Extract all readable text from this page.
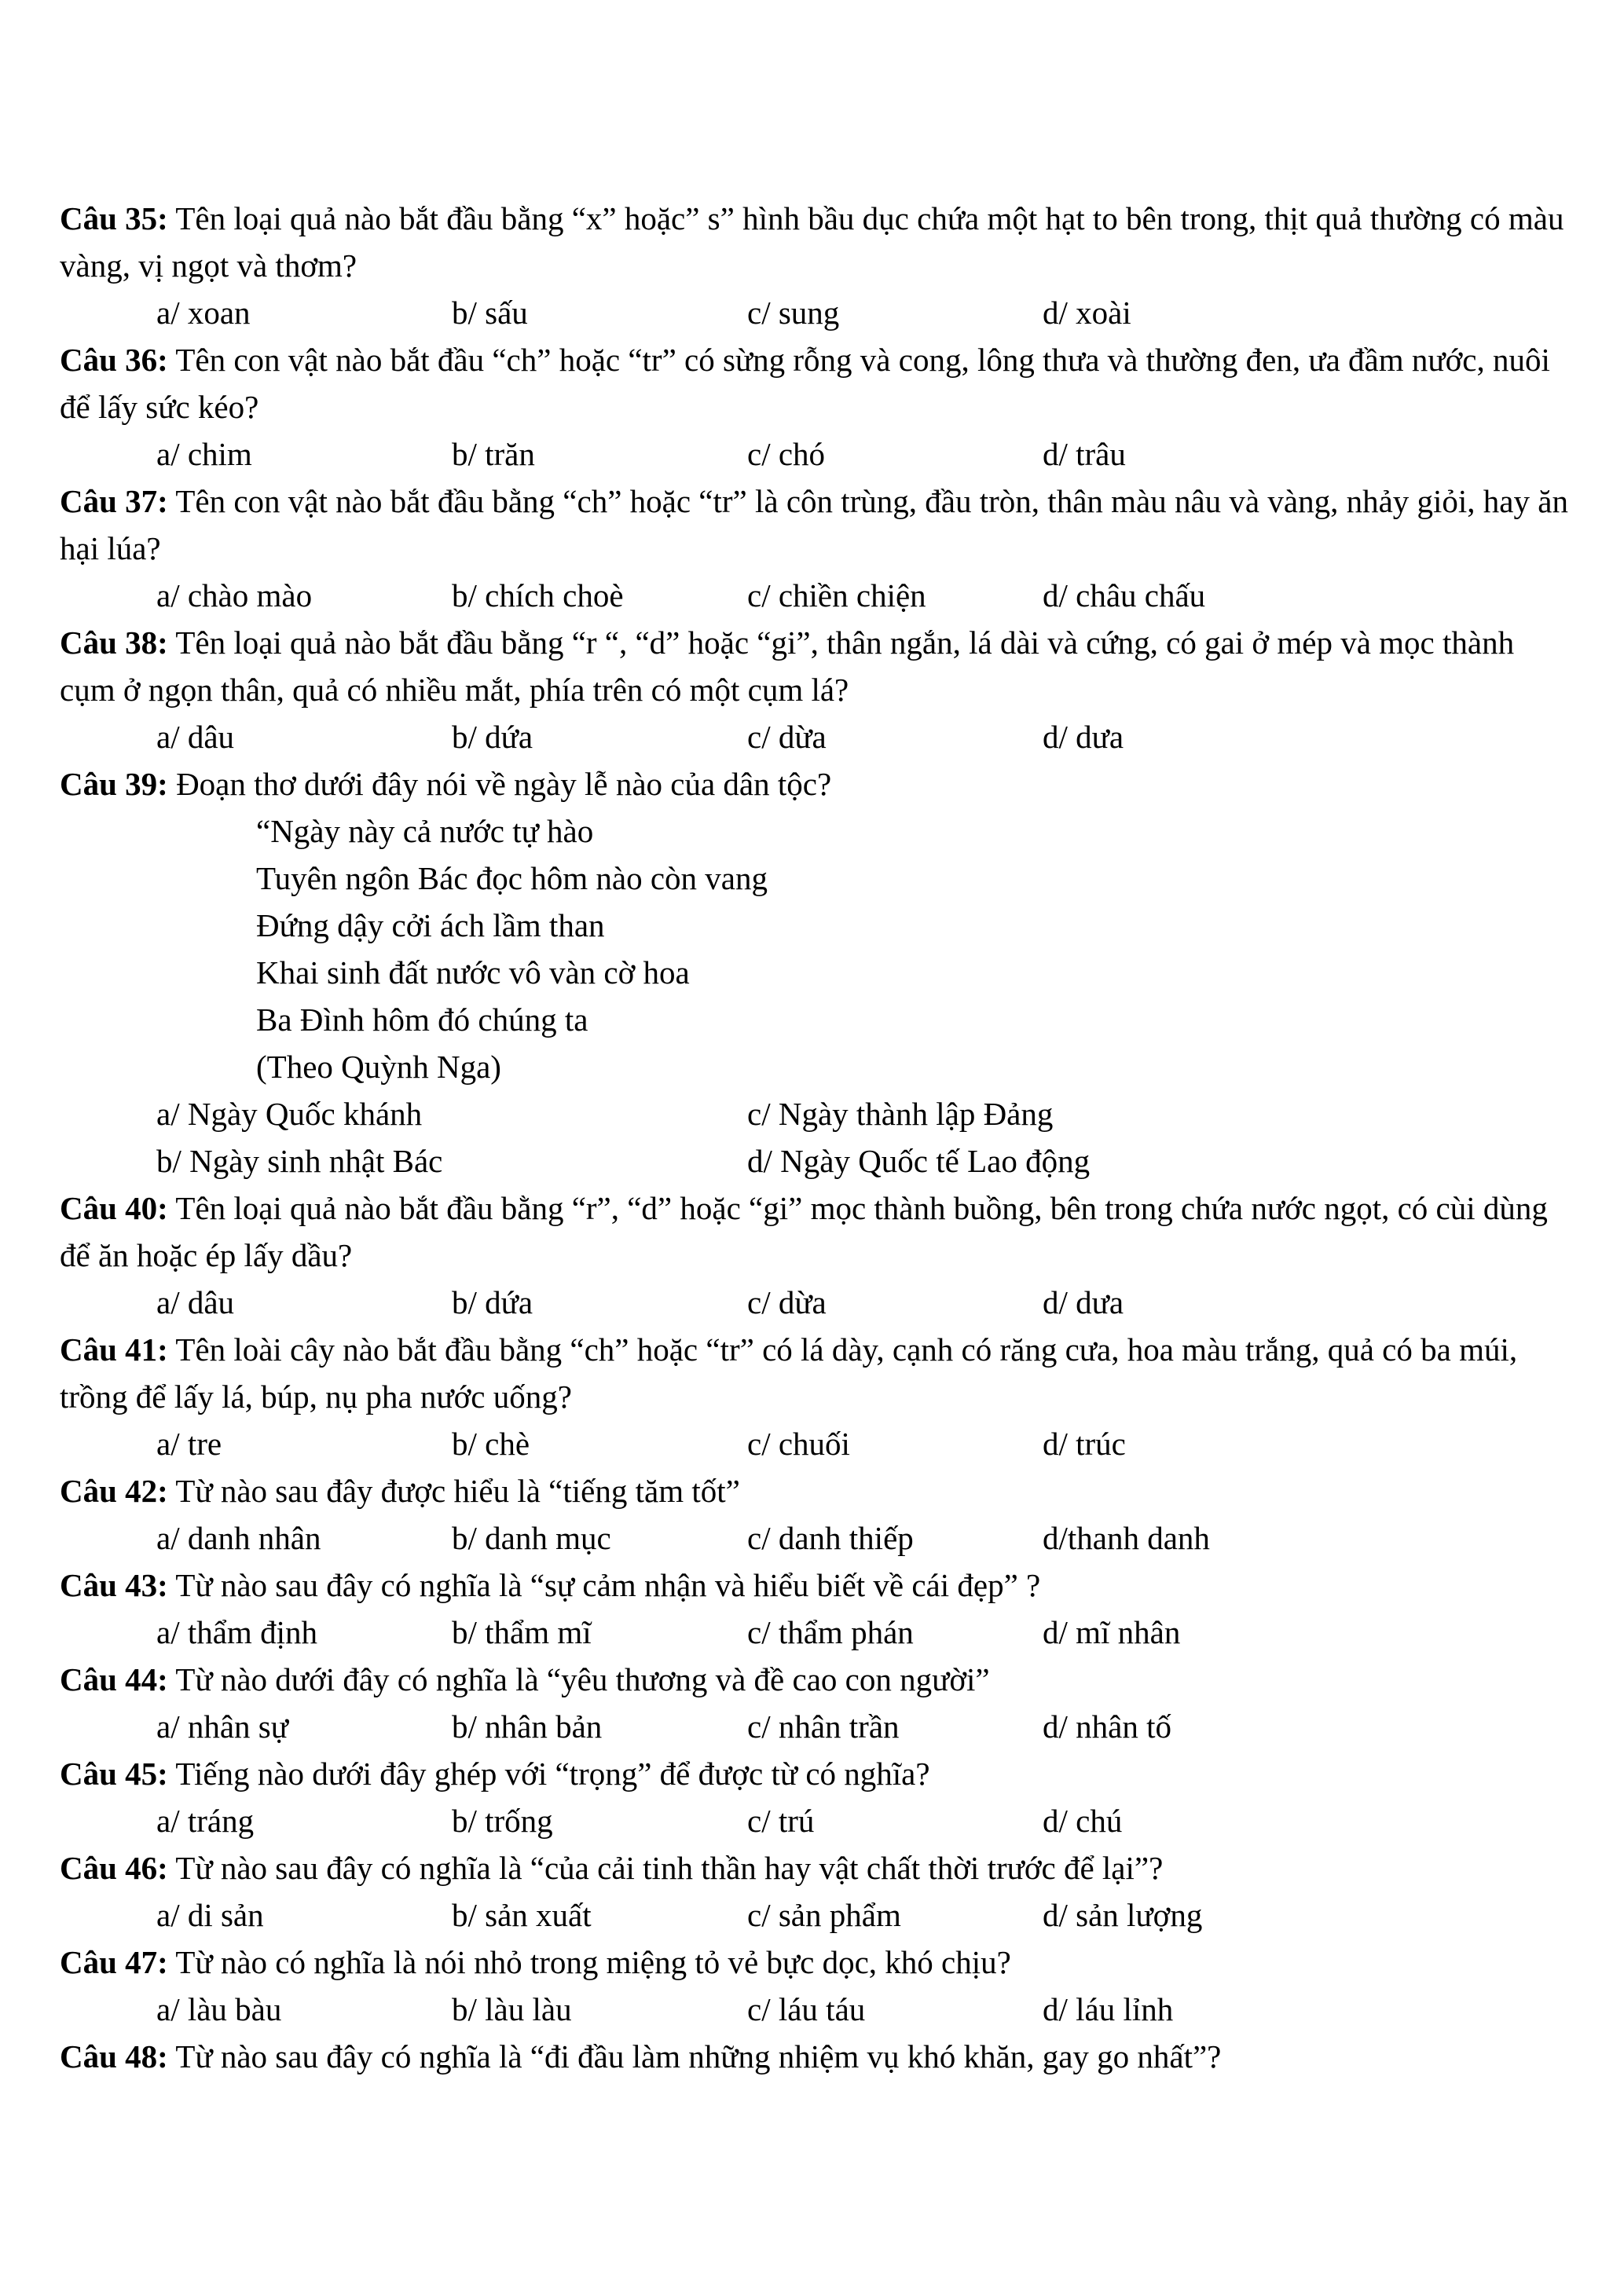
Câu 35: Tên loại quả nào bắt đầu bằng “x” hoặc” s” hình bầu dục chứa một hạt to bên trong, thịt quả thường có màu vàng, vị ngọt và thơm?

a/ xoan	b/ sấu	c/ sung	d/ xoài

Câu 36: Tên con vật nào bắt đầu “ch” hoặc “tr” có sừng rỗng và cong, lông thưa và thường đen, ưa đầm nước, nuôi để lấy sức kéo?

a/ chim	b/ trăn	c/ chó	d/ trâu

Câu 37: Tên con vật nào bắt đầu bằng “ch” hoặc “tr” là côn trùng, đầu tròn, thân màu nâu và vàng, nhảy giỏi, hay ăn hại lúa?

a/ chào mào	b/ chích choè	c/ chiền chiện	d/ châu chấu

Câu 38: Tên loại quả nào bắt đầu bằng “r “, “d” hoặc “gi”, thân ngắn, lá dài và cứng, có gai ở mép và mọc thành cụm ở ngọn thân, quả có nhiều mắt, phía trên có một cụm lá?

a/ dâu	b/ dứa	c/ dừa	d/ dưa

Câu 39: Đoạn thơ dưới đây nói về ngày lễ nào của dân tộc?

“Ngày này cả nước tự hào
Tuyên ngôn Bác đọc hôm nào còn vang
Đứng dậy cởi ách lầm than
Khai sinh đất nước vô vàn cờ hoa
Ba Đình hôm đó chúng ta
(Theo Quỳnh Nga)
a/ Ngày Quốc khánh	c/ Ngày thành lập Đảng
b/ Ngày sinh nhật Bác	d/ Ngày Quốc tế Lao động

Câu 40: Tên loại quả nào bắt đầu bằng “r”, “d” hoặc “gi” mọc thành buồng, bên trong chứa nước ngọt, có cùi dùng để ăn hoặc ép lấy dầu?

a/ dâu	b/ dứa	c/ dừa	d/ dưa

Câu 41: Tên loài cây nào bắt đầu bằng “ch” hoặc “tr” có lá dày, cạnh có răng cưa, hoa màu trắng, quả có ba múi, trồng để lấy lá, búp, nụ pha nước uống?

a/ tre	b/ chè	c/ chuối	d/ trúc

Câu 42: Từ nào sau đây được hiểu là “tiếng tăm tốt”

a/ danh nhân	b/ danh mục	c/ danh thiếp	d/thanh danh

Câu 43: Từ nào sau đây có nghĩa là “sự cảm nhận và hiểu biết về cái đẹp” ?

a/ thẩm định	b/ thẩm mĩ	c/ thẩm phán	d/ mĩ nhân

Câu 44: Từ nào dưới đây có nghĩa là “yêu thương và đề cao con người”

a/ nhân sự	b/ nhân bản	c/ nhân trần	d/ nhân tố

Câu 45: Tiếng nào dưới đây ghép với “trọng” để được từ có nghĩa?

a/ tráng	b/ trống	c/ trú	d/ chú

Câu 46: Từ nào sau đây có nghĩa là “của cải tinh thần hay vật chất thời trước để lại”?

a/ di sản	b/ sản xuất	c/ sản phẩm	d/ sản lượng

Câu 47: Từ nào có nghĩa là nói nhỏ trong miệng tỏ vẻ bực dọc, khó chịu?

a/ làu bàu	b/ làu làu	c/ láu táu	d/ láu lỉnh

Câu 48: Từ nào sau đây có nghĩa là “đi đầu làm những nhiệm vụ khó khăn, gay go nhất”?
